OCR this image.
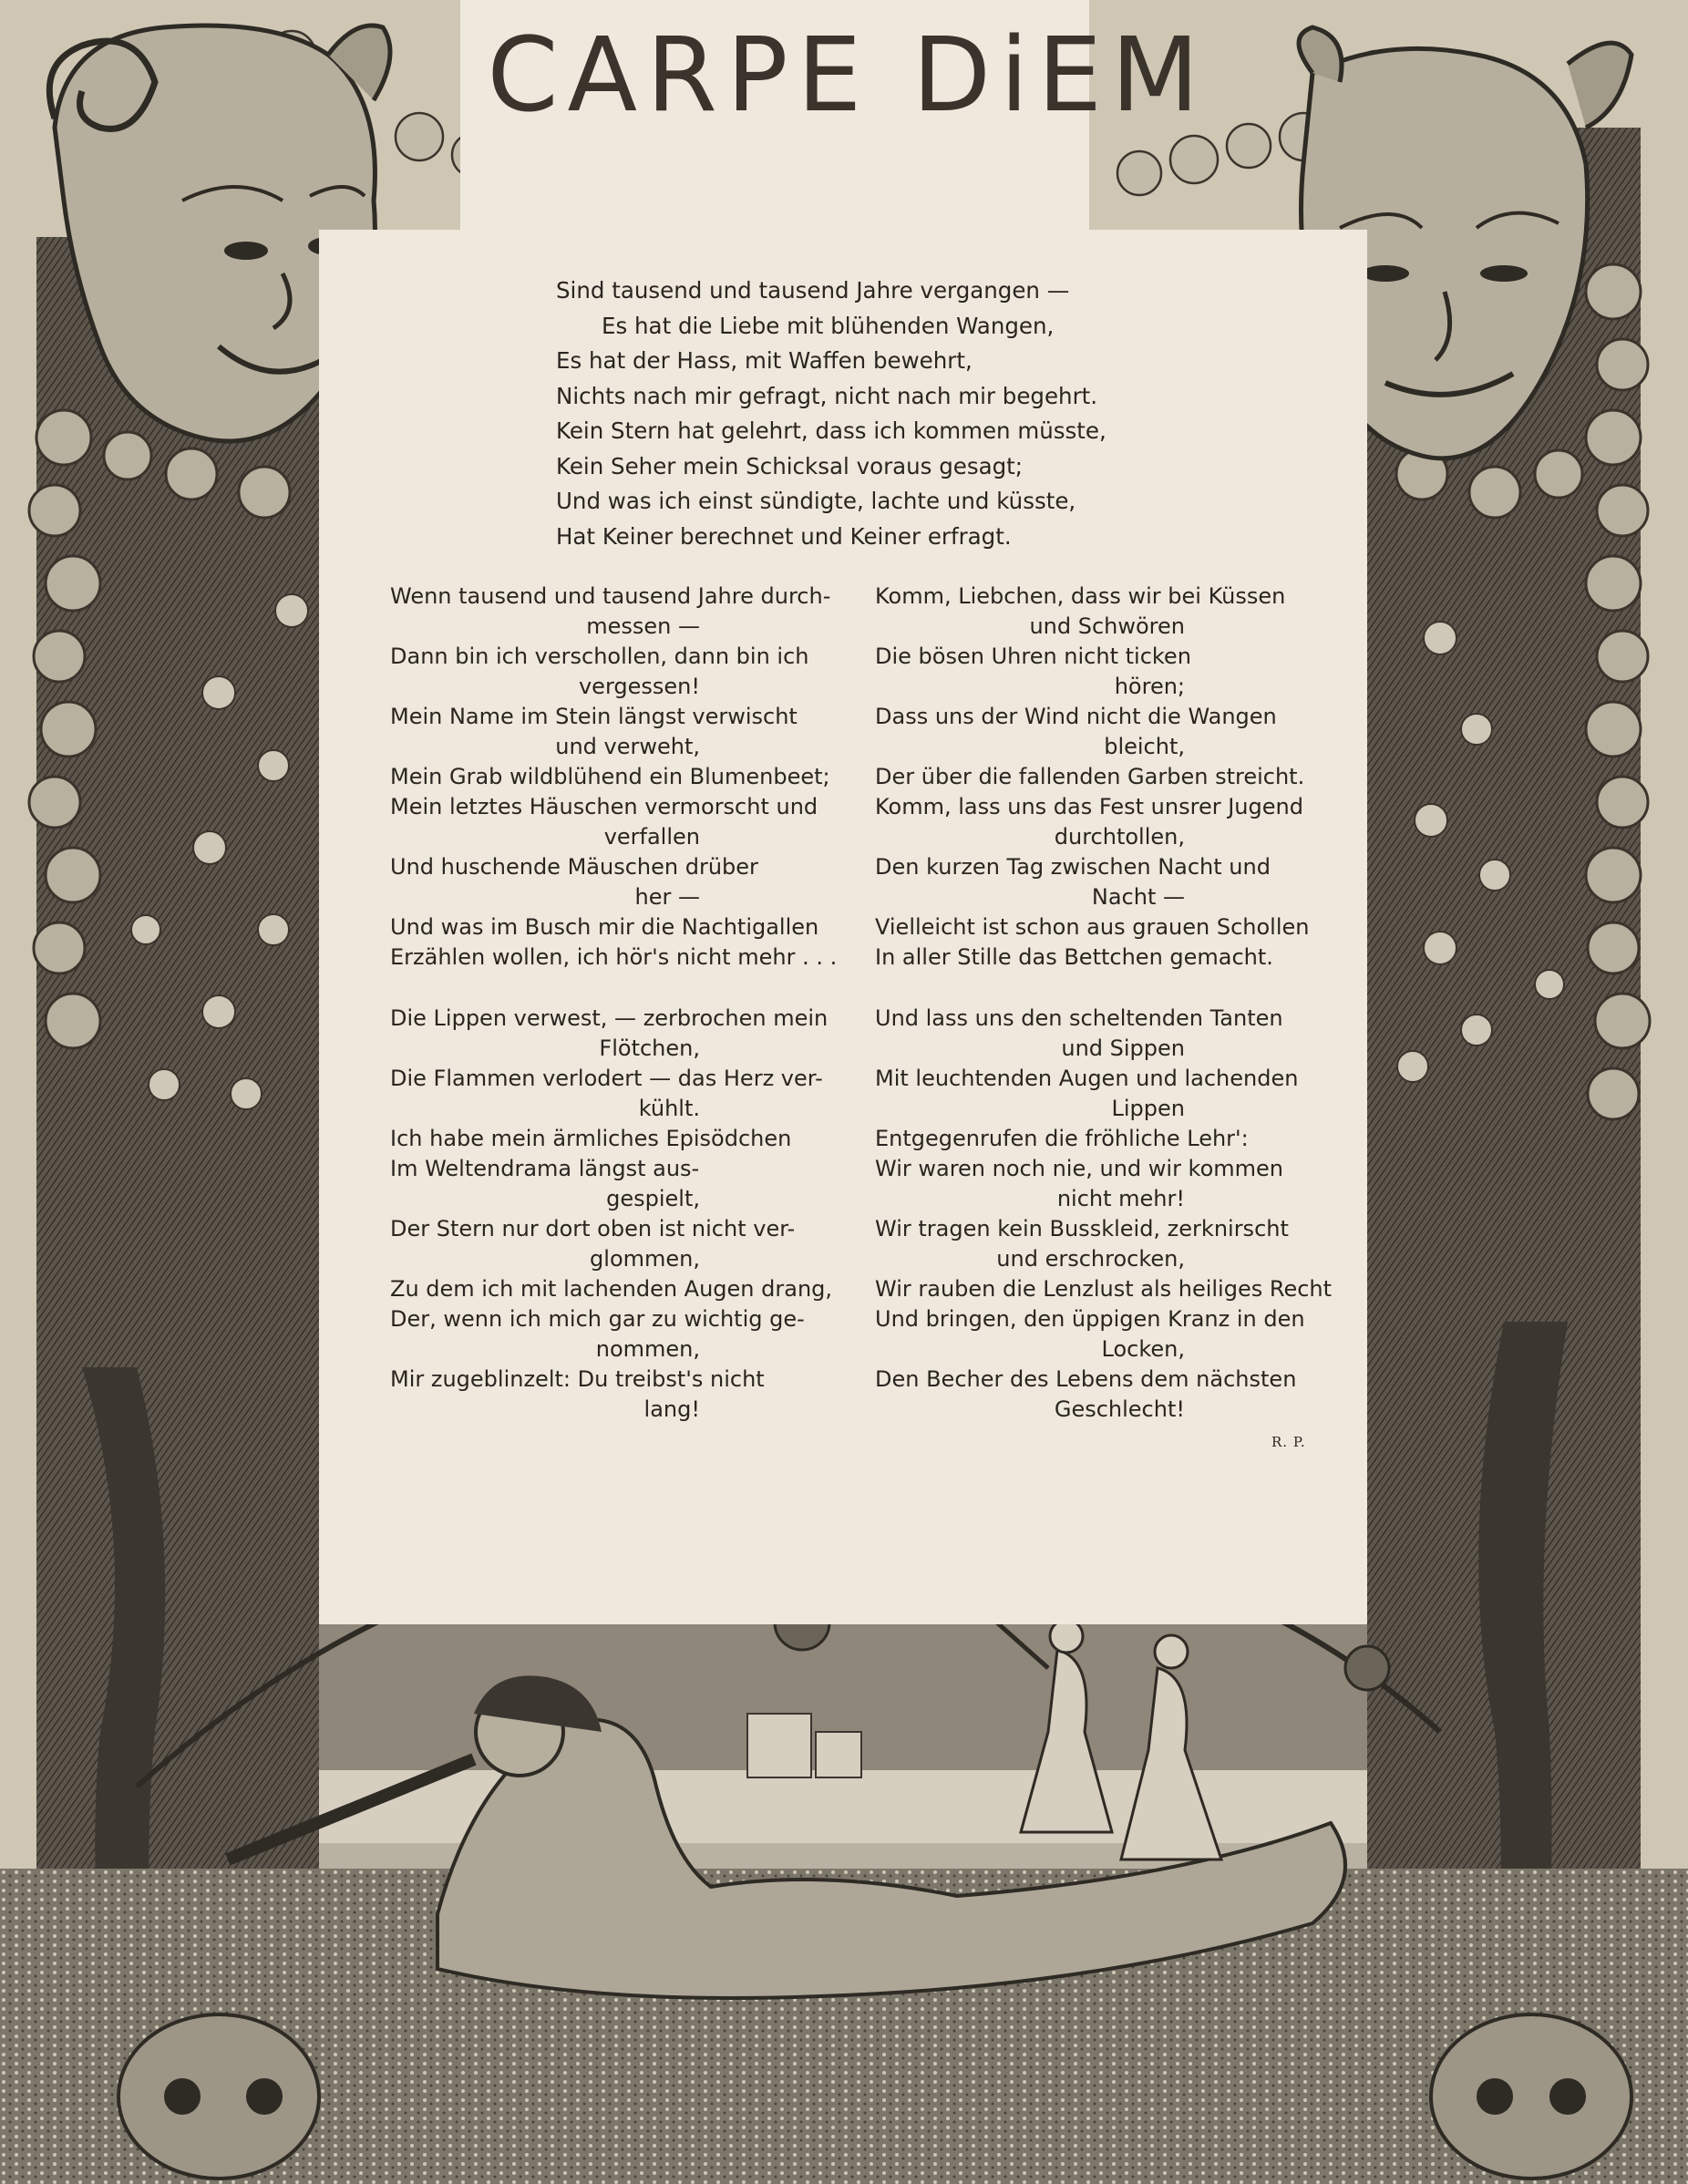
CARPE DiEM
Sind tausend und tausend Jahre vergangen —
Es hat die Liebe mit blühenden Wangen,
Es hat der Hass, mit Waffen bewehrt,
Nichts nach mir gefragt, nicht nach mir begehrt.
Kein Stern hat gelehrt, dass ich kommen müsste,
Kein Seher mein Schicksal voraus gesagt;
Und was ich einst sündigte, lachte und küsste,
Hat Keiner berechnet und Keiner erfragt.
Wenn tausend und tausend Jahre durch-
messen —
Dann bin ich verschollen, dann bin ich
vergessen!
Mein Name im Stein längst verwischt
und verweht,
Mein Grab wildblühend ein Blumenbeet;
Mein letztes Häuschen vermorscht und
verfallen
Und huschende Mäuschen drüber
her —
Und was im Busch mir die Nachtigallen
Erzählen wollen, ich hör's nicht mehr . . .
Die Lippen verwest, — zerbrochen mein
Flötchen,
Die Flammen verlodert — das Herz ver-
kühlt.
Ich habe mein ärmliches Episödchen
Im Weltendrama längst aus-
gespielt,
Der Stern nur dort oben ist nicht ver-
glommen,
Zu dem ich mit lachenden Augen drang,
Der, wenn ich mich gar zu wichtig ge-
nommen,
Mir zugeblinzelt: Du treibst's nicht
lang!
Komm, Liebchen, dass wir bei Küssen
und Schwören
Die bösen Uhren nicht ticken
hören;
Dass uns der Wind nicht die Wangen
bleicht,
Der über die fallenden Garben streicht.
Komm, lass uns das Fest unsrer Jugend
durchtollen,
Den kurzen Tag zwischen Nacht und
Nacht —
Vielleicht ist schon aus grauen Schollen
In aller Stille das Bettchen gemacht.
Und lass uns den scheltenden Tanten
und Sippen
Mit leuchtenden Augen und lachenden
Lippen
Entgegenrufen die fröhliche Lehr':
Wir waren noch nie, und wir kommen
nicht mehr!
Wir tragen kein Busskleid, zerknirscht
und erschrocken,
Wir rauben die Lenzlust als heiliges Recht
Und bringen, den üppigen Kranz in den
Locken,
Den Becher des Lebens dem nächsten
Geschlecht!
R. P.
